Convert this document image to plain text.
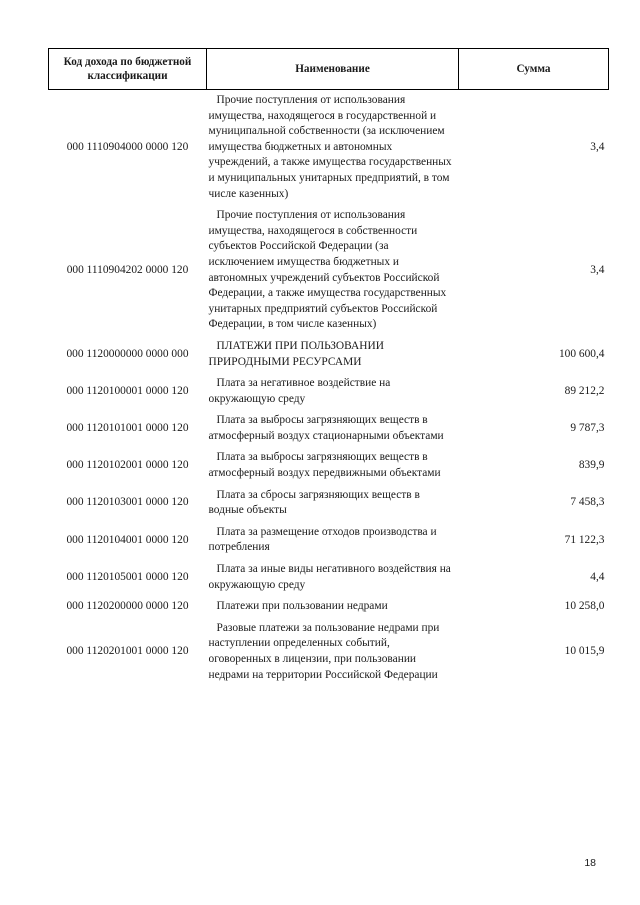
Код дохода по бюджетной классификации	Наименование	Сумма
000 1110904000 0000 120	Прочие поступления от использования имущества, находящегося в государственной и муниципальной собственности (за исключением имущества бюджетных и автономных учреждений, а также имущества государственных и муниципальных унитарных предприятий, в том числе казенных)	3,4
000 1110904202 0000 120	Прочие поступления от использования имущества, находящегося в собственности субъектов Российской Федерации (за исключением имущества бюджетных и автономных учреждений субъектов Российской Федерации, а также имущества государственных унитарных предприятий субъектов Российской Федерации, в том числе казенных)	3,4
000 1120000000 0000 000	ПЛАТЕЖИ ПРИ ПОЛЬЗОВАНИИ ПРИРОДНЫМИ РЕСУРСАМИ	100 600,4
000 1120100001 0000 120	Плата за негативное воздействие на окружающую среду	89 212,2
000 1120101001 0000 120	Плата за выбросы загрязняющих веществ в атмосферный воздух стационарными объектами	9 787,3
000 1120102001 0000 120	Плата за выбросы загрязняющих веществ в атмосферный воздух передвижными объектами	839,9
000 1120103001 0000 120	Плата за сбросы загрязняющих веществ в водные объекты	7 458,3
000 1120104001 0000 120	Плата за размещение отходов производства и потребления	71 122,3
000 1120105001 0000 120	Плата за иные виды негативного воздействия на окружающую среду	4,4
000 1120200000 0000 120	Платежи при пользовании недрами	10 258,0
000 1120201001 0000 120	Разовые платежи за пользование недрами при наступлении определенных событий, оговоренных в лицензии, при пользовании недрами на территории Российской Федерации	10 015,9
18
